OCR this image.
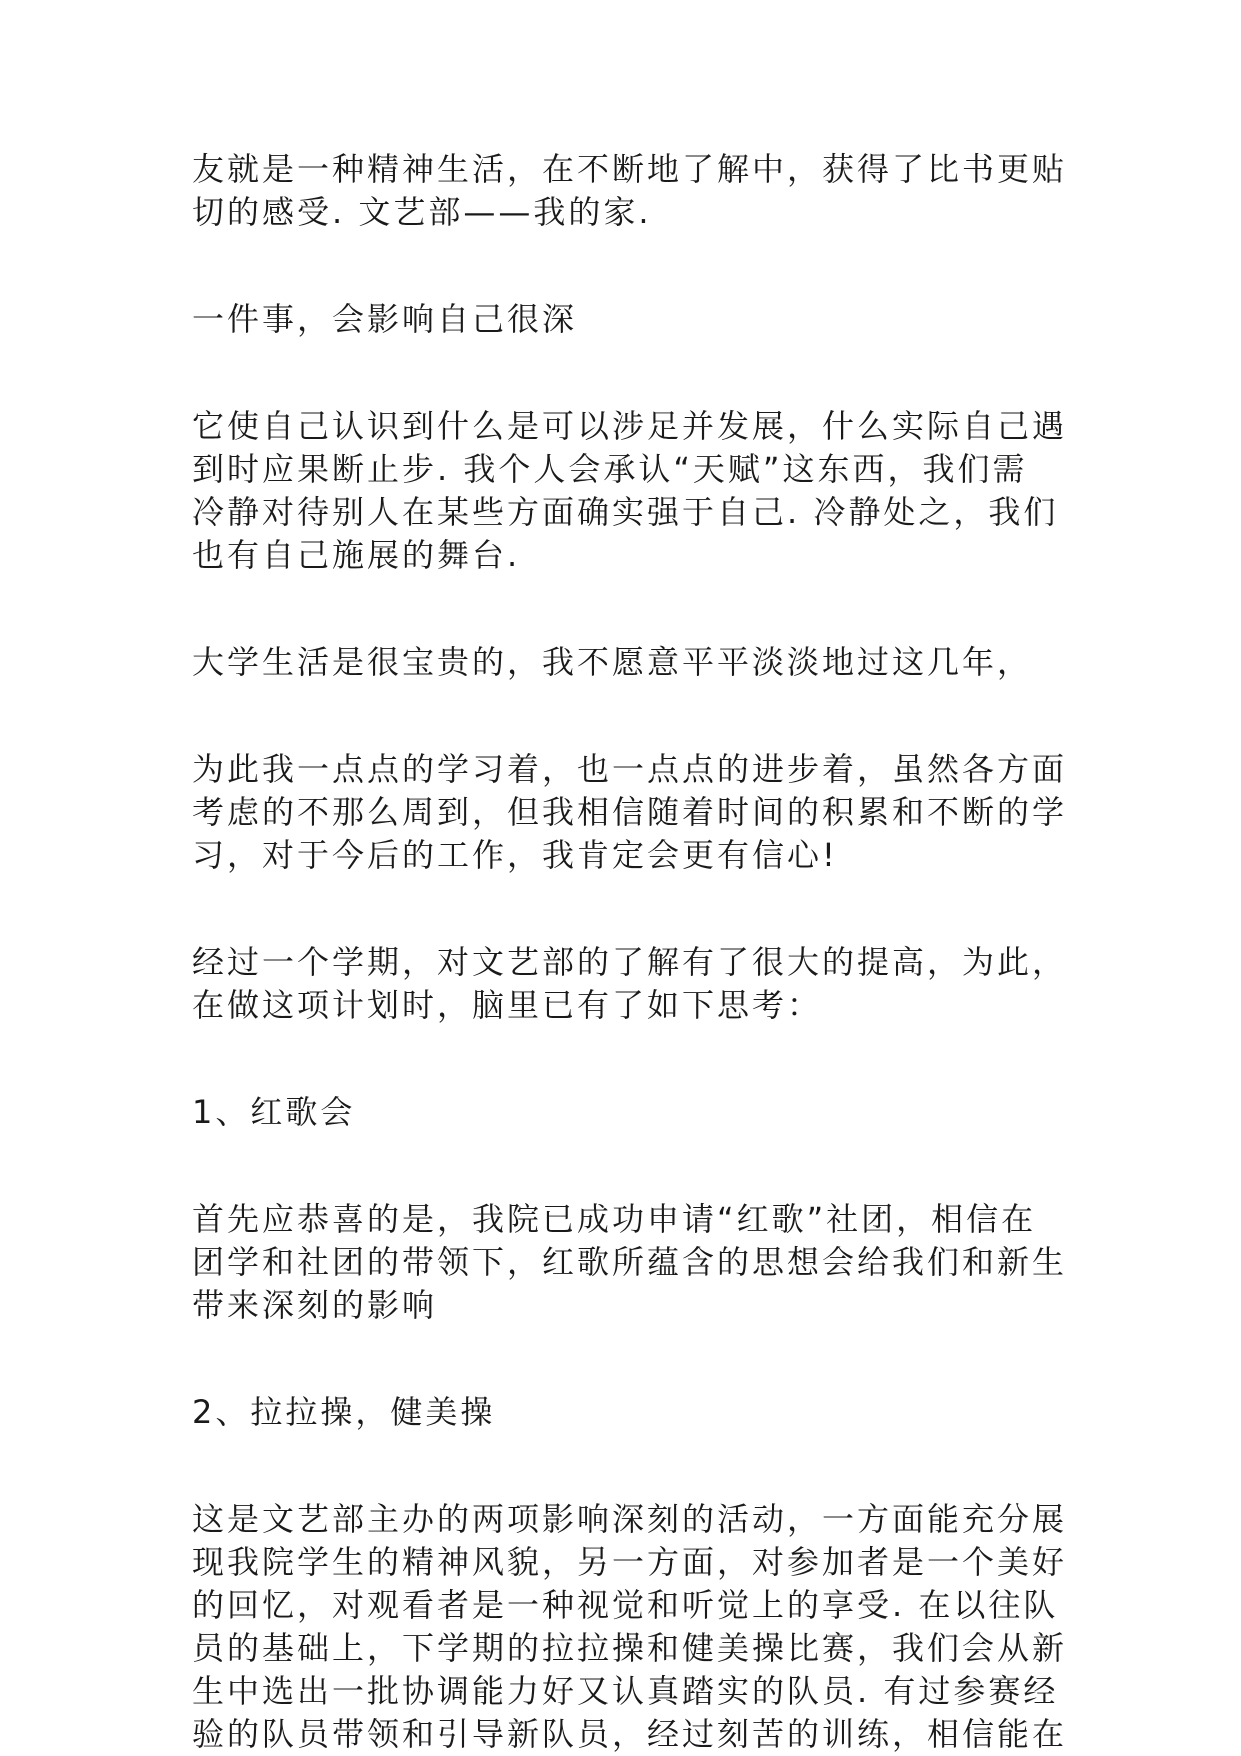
友就是一种精神生活，在不断地了解中，获得了比书更贴
切的感受. 文艺部——我的家.

一件事，会影响自己很深

它使自己认识到什么是可以涉足并发展，什么实际自己遇
到时应果断止步. 我个人会承认“天赋”这东西，我们需
冷静对待别人在某些方面确实强于自己. 冷静处之，我们
也有自己施展的舞台.

大学生活是很宝贵的，我不愿意平平淡淡地过这几年，

为此我一点点的学习着，也一点点的进步着，虽然各方面
考虑的不那么周到，但我相信随着时间的积累和不断的学
习，对于今后的工作，我肯定会更有信心!

经过一个学期，对文艺部的了解有了很大的提高，为此，
在做这项计划时，脑里已有了如下思考：

1、红歌会

首先应恭喜的是，我院已成功申请“红歌”社团，相信在
团学和社团的带领下，红歌所蕴含的思想会给我们和新生
带来深刻的影响

2、拉拉操，健美操

这是文艺部主办的两项影响深刻的活动，一方面能充分展
现我院学生的精神风貌，另一方面，对参加者是一个美好
的回忆，对观看者是一种视觉和听觉上的享受. 在以往队
员的基础上，下学期的拉拉操和健美操比赛，我们会从新
生中选出一批协调能力好又认真踏实的队员. 有过参赛经
验的队员带领和引导新队员，经过刻苦的训练，相信能在
